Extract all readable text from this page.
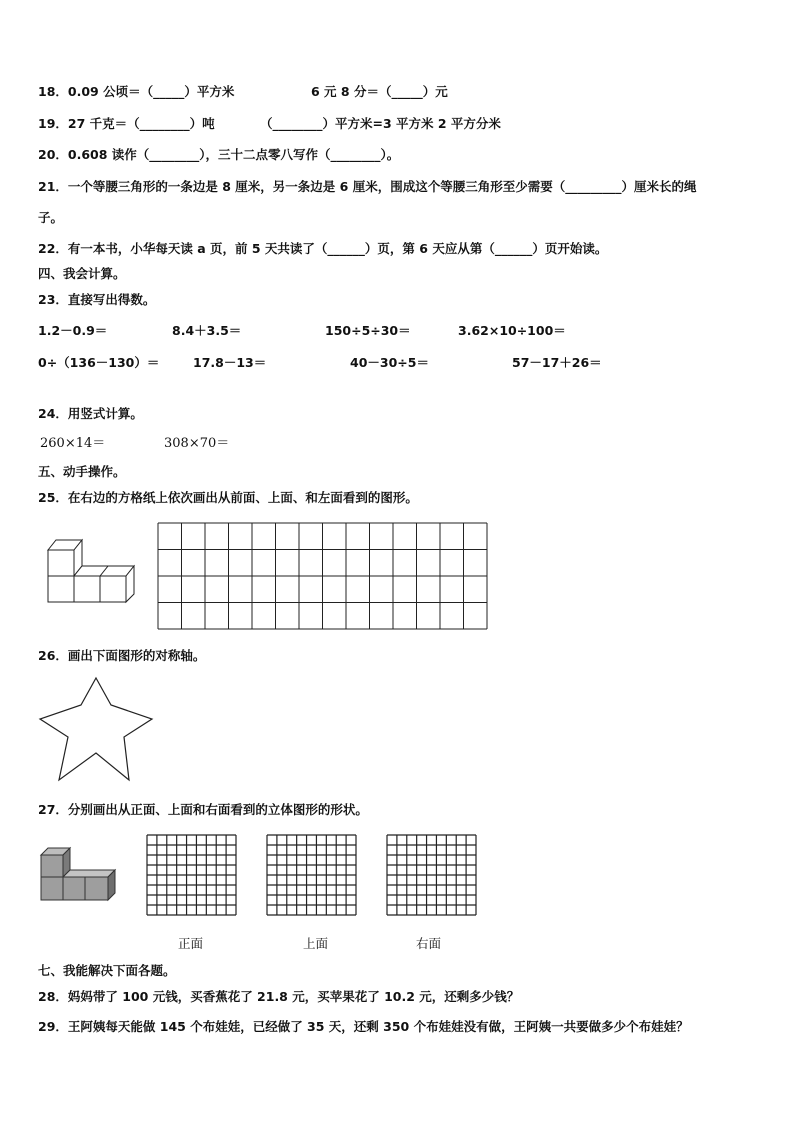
18．0.09 公顷＝（_____）平方米	6 元 8 分＝（_____）元
19．27 千克＝（________）吨	（________）平方米=3 平方米 2 平方分米
20．0.608 读作（________），三十二点零八写作（________）。
21．一个等腰三角形的一条边是 8 厘米，另一条边是 6 厘米，围成这个等腰三角形至少需要（_________）厘米长的绳
子。
22．有一本书，小华每天读 a 页，前 5 天共读了（______）页，第 6 天应从第（______）页开始读。
四、我会计算。
23．直接写出得数。
1.2－0.9＝	8.4＋3.5＝	150÷5÷30＝	3.62×10÷100＝
0÷（136－130）＝	17.8－13＝	40－30÷5＝	57－17＋26＝
24．用竖式计算。
260×14＝	308×70＝
五、动手操作。
25．在右边的方格纸上依次画出从前面、上面、和左面看到的图形。
26．画出下面图形的对称轴。
27．分别画出从正面、上面和右面看到的立体图形的形状。
正面	上面	右面
七、我能解决下面各题。
28．妈妈带了 100 元钱，买香蕉花了 21.8 元，买苹果花了 10.2 元，还剩多少钱？
29．王阿姨每天能做 145 个布娃娃，已经做了 35 天，还剩 350 个布娃娃没有做，王阿姨一共要做多少个布娃娃？
